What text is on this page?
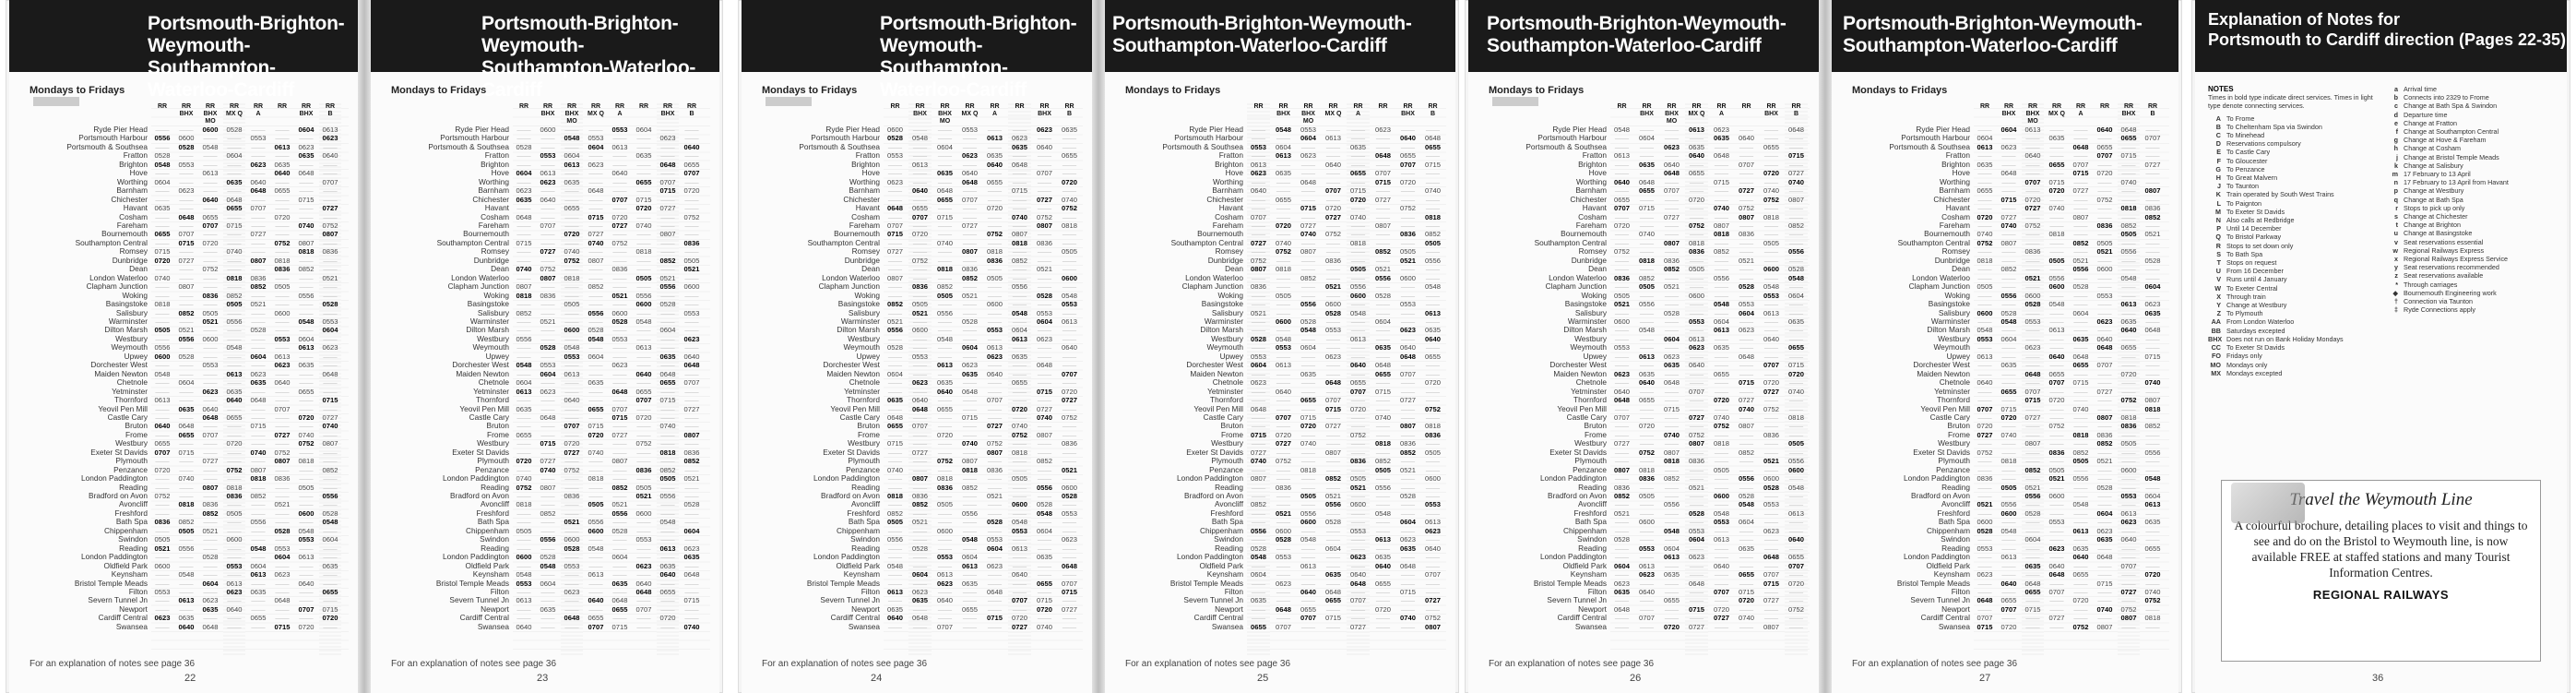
Portsmouth-Brighton-Weymouth-
Southampton-Waterloo-Cardiff
Mondays to Fridays
Ryde Pier Head
Portsmouth Harbour
Portsmouth & Southsea
Fratton
Brighton
Hove
Worthing
Barnham
Chichester
Havant
Cosham
Fareham
Bournemouth
Southampton Central
Romsey
Dunbridge
Dean
London Waterloo
Clapham Junction
Woking
Basingstoke
Salisbury
Warminster
Dilton Marsh
Westbury
Weymouth
Upwey
Dorchester West
Maiden Newton
Chetnole
Yetminster
Thornford
Yeovil Pen Mill
Castle Cary
Bruton
Frome
Westbury
Exeter St Davids
Plymouth
Penzance
London Paddington
Reading
Bradford on Avon
Avoncliff
Freshford
Bath Spa
Chippenham
Swindon
Reading
London Paddington
Oldfield Park
Keynsham
Bristol Temple Meads
Filton
Severn Tunnel Jn
Newport
Cardiff Central
Swansea
RR
——
0556
——
0528
0548
——
0604
——
——
0635
——
——
0655
——
0715
0720
——
0740
——
——
0818
——
——
0505
——
0556
0600
——
0548
——
——
0613
——
——
0640
——
0655
0707
——
0720
——
——
0752
——
——
0836
——
0505
0521
——
0600
——
——
0553
——
——
0623
——
RR
BHX
——
0600
0528
——
0553
——
——
0623
——
——
0648
——
0707
0715
——
0727
——
——
0807
——
——
0852
——
0521
0556
——
0528
——
——
0604
——
——
0635
——
0648
0655
——
0715
——
——
0740
——
——
0818
——
0852
0505
——
0556
——
——
0548
——
——
0613
——
0635
0640
RR
BHX MO
0600
——
0548
——
——
0613
——
——
0640
——
0655
0707
——
0720
——
——
0752
——
——
0836
——
0505
0521
——
0600
——
——
0553
——
——
0623
——
0640
0648
——
0707
——
——
0727
——
——
0807
——
0836
0852
——
0521
——
——
0528
——
——
0604
——
0623
0635
——
0648
RR
MX Q
0528
——
——
0604
——
——
0635
——
0648
0655
——
0715
——
——
0740
——
——
0818
——
0852
0505
——
0556
——
——
0548
——
——
0613
——
0635
0640
——
0655
——
——
0720
——
——
0752
——
0818
0836
——
0505
——
——
0600
——
——
0553
——
0613
0623
——
0640
——
——
RR
A
——
0553
——
——
0623
——
0640
0648
——
0707
——
——
0727
——
——
0807
——
0836
0852
——
0521
——
——
0528
——
——
0604
——
0623
0635
——
0648
——
——
0715
——
——
0740
——
0807
0818
——
0852
——
——
0556
——
——
0548
——
0604
0613
——
0635
——
——
0655
——
RR
——
——
0613
——
0635
0640
——
0655
——
——
0720
——
——
0752
——
0818
0836
——
0505
——
——
0600
——
——
0553
——
0613
0623
——
0640
——
——
0707
——
——
0727
——
0752
0807
——
0836
——
——
0521
——
——
0528
——
0553
0604
——
0623
——
——
0648
——
——
0715
RR
BHX
0604
——
0623
0635
——
0648
——
——
0715
——
——
0740
——
0807
0818
——
0852
——
——
0556
——
——
0548
——
0604
0613
——
0635
——
——
0655
——
——
0720
——
0740
0752
——
0818
——
——
0505
——
——
0600
——
0548
0553
——
0613
——
——
0640
——
——
0707
——
0720
RR
B
0613
0623
——
0640
——
——
0707
——
——
0727
——
0752
0807
——
0836
——
——
0521
——
——
0528
——
0553
0604
——
0623
——
——
0648
——
——
0715
——
0727
0740
——
0807
——
——
0852
——
——
0556
——
0528
0548
——
0604
——
——
0635
——
——
0655
——
0715
0720
——
For an explanation of notes see page 36
22
Portsmouth-Brighton-Weymouth-
Southampton-Waterloo-Cardiff
Mondays to Fridays
Ryde Pier Head
Portsmouth Harbour
Portsmouth & Southsea
Fratton
Brighton
Hove
Worthing
Barnham
Chichester
Havant
Cosham
Fareham
Bournemouth
Southampton Central
Romsey
Dunbridge
Dean
London Waterloo
Clapham Junction
Woking
Basingstoke
Salisbury
Warminster
Dilton Marsh
Westbury
Weymouth
Upwey
Dorchester West
Maiden Newton
Chetnole
Yetminster
Thornford
Yeovil Pen Mill
Castle Cary
Bruton
Frome
Westbury
Exeter St Davids
Plymouth
Penzance
London Paddington
Reading
Bradford on Avon
Avoncliff
Freshford
Bath Spa
Chippenham
Swindon
Reading
London Paddington
Oldfield Park
Keynsham
Bristol Temple Meads
Filton
Severn Tunnel Jn
Newport
Cardiff Central
Swansea
RR
——
——
0528
——
——
0604
——
0623
0635
——
0648
——
——
0715
——
——
0740
——
0807
0818
——
0852
——
——
0556
——
——
0548
——
0604
0613
——
0635
——
——
0655
——
——
0720
——
0740
0752
——
0818
——
——
0505
——
——
0600
——
0548
0553
——
0613
——
——
0640
RR
BHX
0600
——
——
0553
——
0613
0623
——
0640
——
——
0707
——
——
0727
——
0752
0807
——
0836
——
——
0521
——
——
0528
——
0553
0604
——
0623
——
——
0648
——
——
0715
——
0727
0740
——
0807
——
——
0852
——
——
0556
——
0528
0548
——
0604
——
——
0635
——
——
RR
BHX MO
——
0548
——
0604
0613
——
0635
——
——
0655
——
——
0720
——
0740
0752
——
0818
——
——
0505
——
——
0600
——
0548
0553
——
0613
——
——
0640
——
——
0707
——
0720
0727
——
0752
——
——
0836
——
——
0521
——
0600
0528
——
0553
——
——
0623
——
——
0648
——
RR
MX Q
——
0553
0604
——
0623
——
——
0648
——
——
0715
——
0727
0740
——
0807
——
——
0852
——
——
0556
——
0528
0548
——
0604
——
——
0635
——
——
0655
——
0715
0720
——
0740
——
——
0818
——
——
0505
——
0556
0600
——
0548
——
——
0613
——
——
0640
——
0655
0707
RR
A
0553
——
0613
——
——
0640
——
——
0707
——
0720
0727
——
0752
——
——
0836
——
——
0521
——
0600
0528
——
0553
——
——
0623
——
——
0648
——
0707
0715
——
0727
——
——
0807
——
——
0852
——
0521
0556
——
0528
——
——
0604
——
——
0635
——
0648
0655
——
0715
RR
0604
——
——
0635
——
——
0655
——
0715
0720
——
0740
——
——
0818
——
——
0505
——
0556
0600
——
0548
——
——
0613
——
——
0640
——
0655
0707
——
0720
——
——
0752
——
——
0836
——
0505
0521
——
0600
——
——
0553
——
——
0623
——
0640
0648
——
0707
——
——
RR
BHX
——
0623
——
——
0648
——
0707
0715
——
0727
——
——
0807
——
——
0852
——
0521
0556
——
0528
——
——
0604
——
——
0635
——
0648
0655
——
0715
——
——
0740
——
——
0818
——
0852
0505
——
0556
——
——
0548
——
——
0613
——
0635
0640
——
0655
——
——
0720
——
RR
B
——
——
0640
——
0655
0707
——
0720
——
——
0752
——
——
0836
——
0505
0521
——
0600
——
——
0553
——
——
0623
——
0640
0648
——
0707
——
——
0727
——
——
0807
——
0836
0852
——
0521
——
——
0528
——
——
0604
——
0623
0635
——
0648
——
——
0715
——
——
0740
For an explanation of notes see page 36
23
Portsmouth-Brighton-Weymouth-
Southampton-Waterloo-Cardiff
Mondays to Fridays
Ryde Pier Head
Portsmouth Harbour
Portsmouth & Southsea
Fratton
Brighton
Hove
Worthing
Barnham
Chichester
Havant
Cosham
Fareham
Bournemouth
Southampton Central
Romsey
Dunbridge
Dean
London Waterloo
Clapham Junction
Woking
Basingstoke
Salisbury
Warminster
Dilton Marsh
Westbury
Weymouth
Upwey
Dorchester West
Maiden Newton
Chetnole
Yetminster
Thornford
Yeovil Pen Mill
Castle Cary
Bruton
Frome
Westbury
Exeter St Davids
Plymouth
Penzance
London Paddington
Reading
Bradford on Avon
Avoncliff
Freshford
Bath Spa
Chippenham
Swindon
Reading
London Paddington
Oldfield Park
Keynsham
Bristol Temple Meads
Filton
Severn Tunnel Jn
Newport
Cardiff Central
Swansea
RR
0600
0528
——
0553
——
——
0623
——
——
0648
——
0707
0715
——
0727
——
——
0807
——
——
0852
——
0521
0556
——
0528
——
——
0604
——
——
0635
——
0648
0655
——
0715
——
——
0740
——
——
0818
——
0852
0505
——
0556
——
——
0548
——
——
0613
——
0635
0640
——
RR
BHX
——
0548
——
——
0613
——
——
0640
——
0655
0707
——
0720
——
——
0752
——
——
0836
——
0505
0521
——
0600
——
——
0553
——
——
0623
——
0640
0648
——
0707
——
——
0727
——
——
0807
——
0836
0852
——
0521
——
——
0528
——
——
0604
——
0623
0635
——
0648
——
RR
BHX MO
——
——
0604
——
——
0635
——
0648
0655
——
0715
——
——
0740
——
——
0818
——
0852
0505
——
0556
——
——
0548
——
——
0613
——
0635
0640
——
0655
——
——
0720
——
——
0752
——
0818
0836
——
0505
——
——
0600
——
——
0553
——
0613
0623
——
0640
——
——
0707
RR
MX Q
0553
——
——
0623
——
0640
0648
——
0707
——
——
0727
——
——
0807
——
0836
0852
——
0521
——
——
0528
——
——
0604
——
0623
0635
——
0648
——
——
0715
——
——
0740
——
0807
0818
——
0852
——
——
0556
——
——
0548
——
0604
0613
——
0635
——
——
0655
——
——
RR
A
——
0613
——
0635
0640
——
0655
——
——
0720
——
——
0752
——
0818
0836
——
0505
——
——
0600
——
——
0553
——
0613
0623
——
0640
——
——
0707
——
——
0727
——
0752
0807
——
0836
——
——
0521
——
——
0528
——
0553
0604
——
0623
——
——
0648
——
——
0715
——
RR
——
0623
0635
——
0648
——
——
0715
——
——
0740
——
0807
0818
——
0852
——
——
0556
——
——
0548
——
0604
0613
——
0635
——
——
0655
——
——
0720
——
0740
0752
——
0818
——
——
0505
——
——
0600
——
0548
0553
——
0613
——
——
0640
——
——
0707
——
0720
0727
RR
BHX
0623
——
0640
——
——
0707
——
——
0727
——
0752
0807
——
0836
——
——
0521
——
——
0528
——
0553
0604
——
0623
——
——
0648
——
——
0715
——
0727
0740
——
0807
——
——
0852
——
——
0556
——
0528
0548
——
0604
——
——
0635
——
——
0655
——
0715
0720
——
0740
RR
B
0635
——
——
0655
——
——
0720
——
0740
0752
——
0818
——
——
0505
——
——
0600
——
0548
0553
——
0613
——
——
0640
——
——
0707
——
0720
0727
——
0752
——
——
0836
——
——
0521
——
0600
0528
——
0553
——
——
0623
——
——
0648
——
0707
0715
——
0727
——
——
For an explanation of notes see page 36
24
Portsmouth-Brighton-Weymouth-
Southampton-Waterloo-Cardiff
Mondays to Fridays
Ryde Pier Head
Portsmouth Harbour
Portsmouth & Southsea
Fratton
Brighton
Hove
Worthing
Barnham
Chichester
Havant
Cosham
Fareham
Bournemouth
Southampton Central
Romsey
Dunbridge
Dean
London Waterloo
Clapham Junction
Woking
Basingstoke
Salisbury
Warminster
Dilton Marsh
Westbury
Weymouth
Upwey
Dorchester West
Maiden Newton
Chetnole
Yetminster
Thornford
Yeovil Pen Mill
Castle Cary
Bruton
Frome
Westbury
Exeter St Davids
Plymouth
Penzance
London Paddington
Reading
Bradford on Avon
Avoncliff
Freshford
Bath Spa
Chippenham
Swindon
Reading
London Paddington
Oldfield Park
Keynsham
Bristol Temple Meads
Filton
Severn Tunnel Jn
Newport
Cardiff Central
Swansea
RR
——
——
0553
——
0613
0623
——
0640
——
——
0707
——
——
0727
——
0752
0807
——
0836
——
——
0521
——
——
0528
——
0553
0604
——
0623
——
——
0648
——
——
0715
——
0727
0740
——
0807
——
——
0852
——
——
0556
——
0528
0548
——
0604
——
——
0635
——
——
0655
RR
BHX
0548
——
0604
0613
——
0635
——
——
0655
——
——
0720
——
0740
0752
——
0818
——
——
0505
——
——
0600
——
0548
0553
——
0613
——
——
0640
——
——
0707
——
0720
0727
——
0752
——
——
0836
——
——
0521
——
0600
0528
——
0553
——
——
0623
——
——
0648
——
0707
RR
BHX MO
0553
0604
——
0623
——
——
0648
——
——
0715
——
0727
0740
——
0807
——
——
0852
——
——
0556
——
0528
0548
——
0604
——
——
0635
——
——
0655
——
0715
0720
——
0740
——
——
0818
——
——
0505
——
0556
0600
——
0548
——
——
0613
——
——
0640
——
0655
0707
——
RR
MX Q
——
0613
——
——
0640
——
——
0707
——
0720
0727
——
0752
——
——
0836
——
——
0521
——
0600
0528
——
0553
——
——
0623
——
——
0648
——
0707
0715
——
0727
——
——
0807
——
——
0852
——
0521
0556
——
0528
——
——
0604
——
——
0635
——
0648
0655
——
0715
——
RR
A
——
——
0635
——
——
0655
——
0715
0720
——
0740
——
——
0818
——
——
0505
——
0556
0600
——
0548
——
——
0613
——
——
0640
——
0655
0707
——
0720
——
——
0752
——
——
0836
——
0505
0521
——
0600
——
——
0553
——
——
0623
——
0640
0648
——
0707
——
——
0727
RR
0623
——
——
0648
——
0707
0715
——
0727
——
——
0807
——
——
0852
——
0521
0556
——
0528
——
——
0604
——
——
0635
——
0648
0655
——
0715
——
——
0740
——
——
0818
——
0852
0505
——
0556
——
——
0548
——
——
0613
——
0635
0640
——
0655
——
——
0720
——
——
RR
BHX
——
0640
——
0655
0707
——
0720
——
——
0752
——
——
0836
——
0505
0521
——
0600
——
——
0553
——
——
0623
——
0640
0648
——
0707
——
——
0727
——
——
0807
——
0836
0852
——
0521
——
——
0528
——
——
0604
——
0623
0635
——
0648
——
——
0715
——
——
0740
——
RR
B
——
0648
0655
——
0715
——
——
0740
——
——
0818
——
0852
0505
——
0556
——
——
0548
——
——
0613
——
0635
0640
——
0655
——
——
0720
——
——
0752
——
0818
0836
——
0505
——
——
0600
——
——
0553
——
0613
0623
——
0640
——
——
0707
——
——
0727
——
0752
0807
For an explanation of notes see page 36
25
Portsmouth-Brighton-Weymouth-
Southampton-Waterloo-Cardiff
Mondays to Fridays
Ryde Pier Head
Portsmouth Harbour
Portsmouth & Southsea
Fratton
Brighton
Hove
Worthing
Barnham
Chichester
Havant
Cosham
Fareham
Bournemouth
Southampton Central
Romsey
Dunbridge
Dean
London Waterloo
Clapham Junction
Woking
Basingstoke
Salisbury
Warminster
Dilton Marsh
Westbury
Weymouth
Upwey
Dorchester West
Maiden Newton
Chetnole
Yetminster
Thornford
Yeovil Pen Mill
Castle Cary
Bruton
Frome
Westbury
Exeter St Davids
Plymouth
Penzance
London Paddington
Reading
Bradford on Avon
Avoncliff
Freshford
Bath Spa
Chippenham
Swindon
Reading
London Paddington
Oldfield Park
Keynsham
Bristol Temple Meads
Filton
Severn Tunnel Jn
Newport
Cardiff Central
Swansea
RR
0548
——
——
0613
——
——
0640
——
0655
0707
——
0720
——
——
0752
——
——
0836
——
0505
0521
——
0600
——
——
0553
——
——
0623
——
0640
0648
——
0707
——
——
0727
——
——
0807
——
0836
0852
——
0521
——
——
0528
——
——
0604
——
0623
0635
——
0648
——
——
RR
BHX
——
0604
——
——
0635
——
0648
0655
——
0715
——
——
0740
——
——
0818
——
0852
0505
——
0556
——
——
0548
——
——
0613
——
0635
0640
——
0655
——
——
0720
——
——
0752
——
0818
0836
——
0505
——
——
0600
——
——
0553
——
0613
0623
——
0640
——
——
0707
——
RR
BHX MO
——
——
0623
——
0640
0648
——
0707
——
——
0727
——
——
0807
——
0836
0852
——
0521
——
——
0528
——
——
0604
——
0623
0635
——
0648
——
——
0715
——
——
0740
——
0807
0818
——
0852
——
——
0556
——
——
0548
——
0604
0613
——
0635
——
——
0655
——
——
0720
RR
MX Q
0613
——
0635
0640
——
0655
——
——
0720
——
——
0752
——
0818
0836
——
0505
——
——
0600
——
——
0553
——
0613
0623
——
0640
——
——
0707
——
——
0727
——
0752
0807
——
0836
——
——
0521
——
——
0528
——
0553
0604
——
0623
——
——
0648
——
——
0715
——
0727
RR
A
0623
0635
——
0648
——
——
0715
——
——
0740
——
0807
0818
——
0852
——
——
0556
——
——
0548
——
0604
0613
——
0635
——
——
0655
——
——
0720
——
0740
0752
——
0818
——
——
0505
——
——
0600
——
0548
0553
——
0613
——
——
0640
——
——
0707
——
0720
0727
——
RR
——
0640
——
——
0707
——
——
0727
——
0752
0807
——
0836
——
——
0521
——
——
0528
——
0553
0604
——
0623
——
——
0648
——
——
0715
——
0727
0740
——
0807
——
——
0852
——
——
0556
——
0528
0548
——
0604
——
——
0635
——
——
0655
——
0715
0720
——
0740
——
RR
BHX
——
——
0655
——
——
0720
——
0740
0752
——
0818
——
——
0505
——
——
0600
——
0548
0553
——
0613
——
——
0640
——
——
0707
——
0720
0727
——
0752
——
——
0836
——
——
0521
——
0600
0528
——
0553
——
——
0623
——
——
0648
——
0707
0715
——
0727
——
——
0807
RR
B
0648
——
——
0715
——
0727
0740
——
0807
——
——
0852
——
——
0556
——
0528
0548
——
0604
——
——
0635
——
——
0655
——
0715
0720
——
0740
——
——
0818
——
——
0505
——
0556
0600
——
0548
——
——
0613
——
——
0640
——
0655
0707
——
0720
——
——
0752
——
——
For an explanation of notes see page 36
26
Portsmouth-Brighton-Weymouth-
Southampton-Waterloo-Cardiff
Mondays to Fridays
Ryde Pier Head
Portsmouth Harbour
Portsmouth & Southsea
Fratton
Brighton
Hove
Worthing
Barnham
Chichester
Havant
Cosham
Fareham
Bournemouth
Southampton Central
Romsey
Dunbridge
Dean
London Waterloo
Clapham Junction
Woking
Basingstoke
Salisbury
Warminster
Dilton Marsh
Westbury
Weymouth
Upwey
Dorchester West
Maiden Newton
Chetnole
Yetminster
Thornford
Yeovil Pen Mill
Castle Cary
Bruton
Frome
Westbury
Exeter St Davids
Plymouth
Penzance
London Paddington
Reading
Bradford on Avon
Avoncliff
Freshford
Bath Spa
Chippenham
Swindon
Reading
London Paddington
Oldfield Park
Keynsham
Bristol Temple Meads
Filton
Severn Tunnel Jn
Newport
Cardiff Central
Swansea
RR
——
0604
0613
——
0635
——
——
0655
——
——
0720
——
0740
0752
——
0818
——
——
0505
——
——
0600
——
0548
0553
——
0613
——
——
0640
——
——
0707
——
0720
0727
——
0752
——
——
0836
——
——
0521
——
0600
0528
——
0553
——
——
0623
——
——
0648
——
0707
0715
RR
BHX
0604
——
0623
——
——
0648
——
——
0715
——
0727
0740
——
0807
——
——
0852
——
——
0556
——
0528
0548
——
0604
——
——
0635
——
——
0655
——
0715
0720
——
0740
——
——
0818
——
——
0505
——
0556
0600
——
0548
——
——
0613
——
——
0640
——
0655
0707
——
0720
RR
BHX MO
0613
——
——
0640
——
——
0707
——
0720
0727
——
0752
——
——
0836
——
——
0521
——
0600
0528
——
0553
——
——
0623
——
——
0648
——
0707
0715
——
0727
——
——
0807
——
——
0852
——
0521
0556
——
0528
——
——
0604
——
——
0635
——
0648
0655
——
0715
——
——
RR
MX Q
——
0635
——
——
0655
——
0715
0720
——
0740
——
——
0818
——
——
0505
——
0556
0600
——
0548
——
——
0613
——
——
0640
——
0655
0707
——
0720
——
——
0752
——
——
0836
——
0505
0521
——
0600
——
——
0553
——
——
0623
——
0640
0648
——
0707
——
——
0727
——
RR
A
——
——
0648
——
0707
0715
——
0727
——
——
0807
——
——
0852
——
0521
0556
——
0528
——
——
0604
——
——
0635
——
0648
0655
——
0715
——
——
0740
——
——
0818
——
0852
0505
——
0556
——
——
0548
——
——
0613
——
0635
0640
——
0655
——
——
0720
——
——
0752
RR
0640
——
0655
0707
——
0720
——
——
0752
——
——
0836
——
0505
0521
——
0600
——
——
0553
——
——
0623
——
0640
0648
——
0707
——
——
0727
——
——
0807
——
0836
0852
——
0521
——
——
0528
——
——
0604
——
0623
0635
——
0648
——
——
0715
——
——
0740
——
0807
RR
BHX
0648
0655
——
0715
——
——
0740
——
——
0818
——
0852
0505
——
0556
——
——
0548
——
——
0613
——
0635
0640
——
0655
——
——
0720
——
——
0752
——
0818
0836
——
0505
——
——
0600
——
——
0553
——
0613
0623
——
0640
——
——
0707
——
——
0727
——
0752
0807
——
RR
B
——
0707
——
——
0727
——
——
0807
——
0836
0852
——
0521
——
——
0528
——
——
0604
——
0623
0635
——
0648
——
——
0715
——
——
0740
——
0807
0818
——
0852
——
——
0556
——
——
0548
——
0604
0613
——
0635
——
——
0655
——
——
0720
——
0740
0752
——
0818
——
For an explanation of notes see page 36
27
Explanation of Notes for
Portsmouth to Cardiff direction (Pages 22-35)
NOTES
Times in bold type indicate direct services. Times in light type denote connecting services.
A To Frome
B To Cheltenham Spa via Swindon
C To Minehead
D Reservations compulsory
E To Castle Cary
F To Gloucester
G To Penzance
H To Great Malvern
J To Taunton
K Train operated by South West Trains
L To Paignton
M To Exeter St Davids
N Also calls at Redbridge
P Until 14 December
Q To Bristol Parkway
R Stops to set down only
S To Bath Spa
T Stops on request
U From 16 December
V Runs until 4 January
W To Exeter Central
X Through train
Y Change at Westbury
Z To Plymouth
AA From London Waterloo
BB Saturdays excepted
BHX Does not run on Bank Holiday Mondays
CC To Exeter St Davids
FO Fridays only
MO Mondays only
MX Mondays excepted
a Arrival time
b Connects into 2329 to Frome
c Change at Bath Spa & Swindon
d Departure time
e Change at Fratton
f Change at Southampton Central
g Change at Hove & Fareham
h Change at Cosham
j Change at Bristol Temple Meads
k Change at Salisbury
m 17 February to 13 April
n 17 February to 13 April from Havant
p Change at Westbury
q Change at Bath Spa
r Stops to pick up only
s Change at Chichester
t Change at Brighton
u Change at Basingstoke
v Seat reservations essential
w Regional Railways Express
x Regional Railways Express Service
y Seat reservations recommended
z Seat reservations available
* Through carriages
◆ Bournemouth Engineering work
† Connection via Taunton
‡ Ryde Connections apply
Travel the Weymouth Line
A colourful brochure, detailing places to visit and things to see and do on the Bristol to Weymouth line, is now available FREE at staffed stations and many Tourist Information Centres.
REGIONAL RAILWAYS
36
